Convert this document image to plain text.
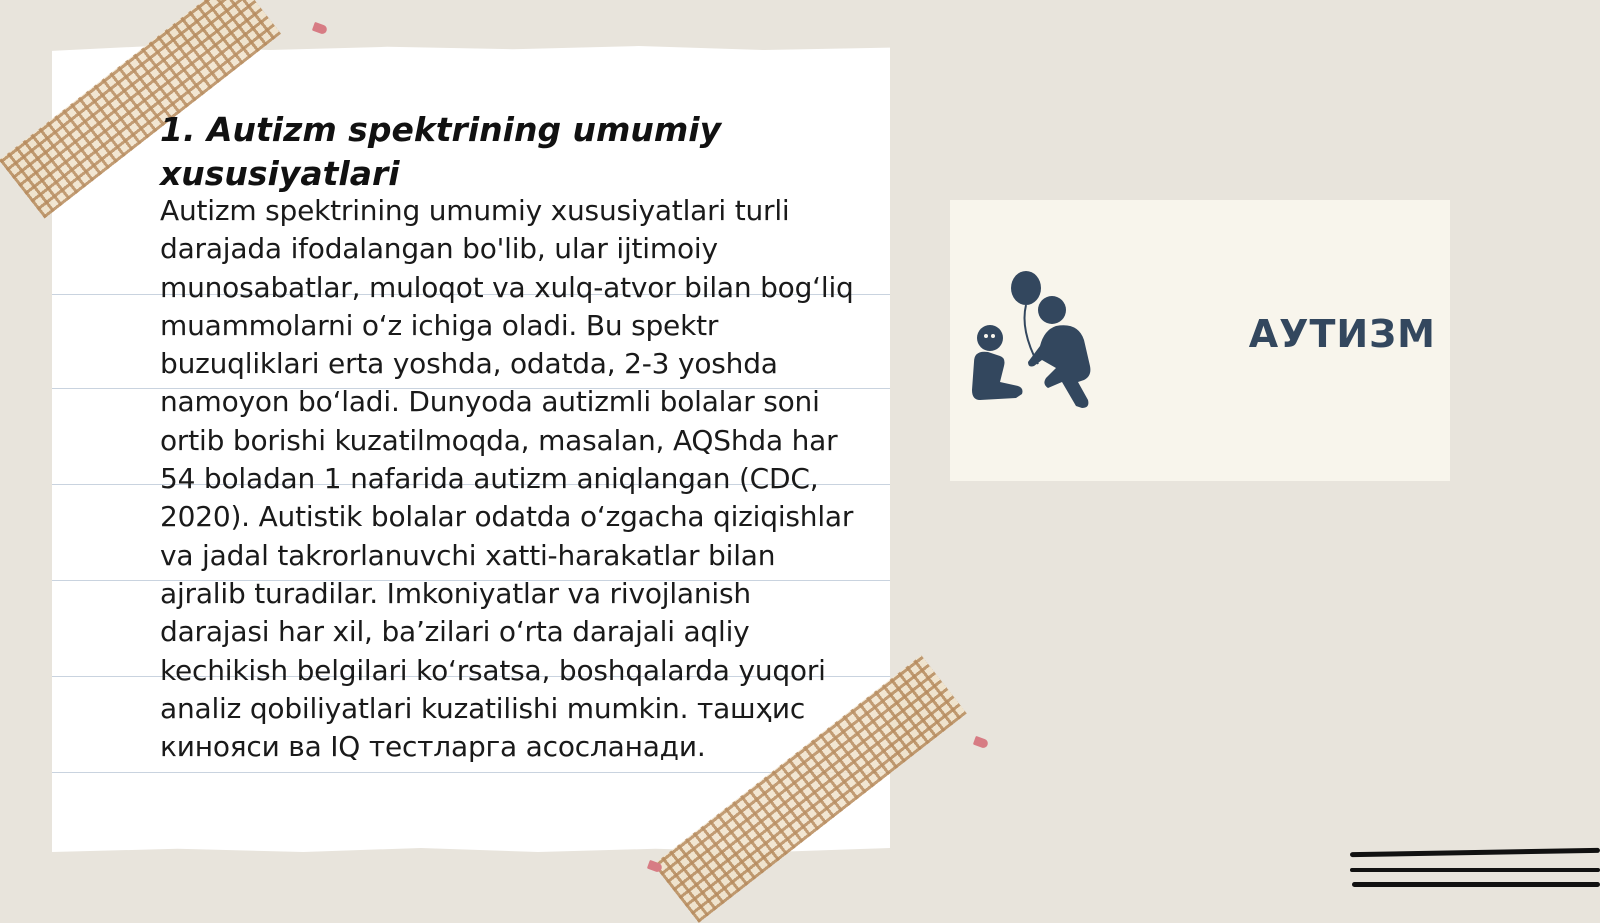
1. Autizm spektrining umumiy xususiyatlari

Autizm spektrining umumiy xususiyatlari turli darajada ifodalangan bo'lib, ular ijtimoiy munosabatlar, muloqot va xulq-atvor bilan bog‘liq muammolarni o‘z ichiga oladi. Bu spektr buzuqliklari erta yoshda, odatda, 2-3 yoshda namoyon bo‘ladi. Dunyoda autizmli bolalar soni ortib borishi kuzatilmoqda, masalan, AQShda har 54 boladan 1 nafarida autizm aniqlangan (CDC, 2020). Autistik bolalar odatda o‘zgacha qiziqishlar va jadal takrorlanuvchi xatti-harakatlar bilan ajralib turadilar. Imkoniyatlar va rivojlanish darajasi har xil, ba’zilari o‘rta darajali aqliy kechikish belgilari ko‘rsatsa, boshqalarda yuqori analiz qobiliyatlari kuzatilishi mumkin. ташҳис кинояси ва IQ тестларга асосланади.

АУТИЗМ
